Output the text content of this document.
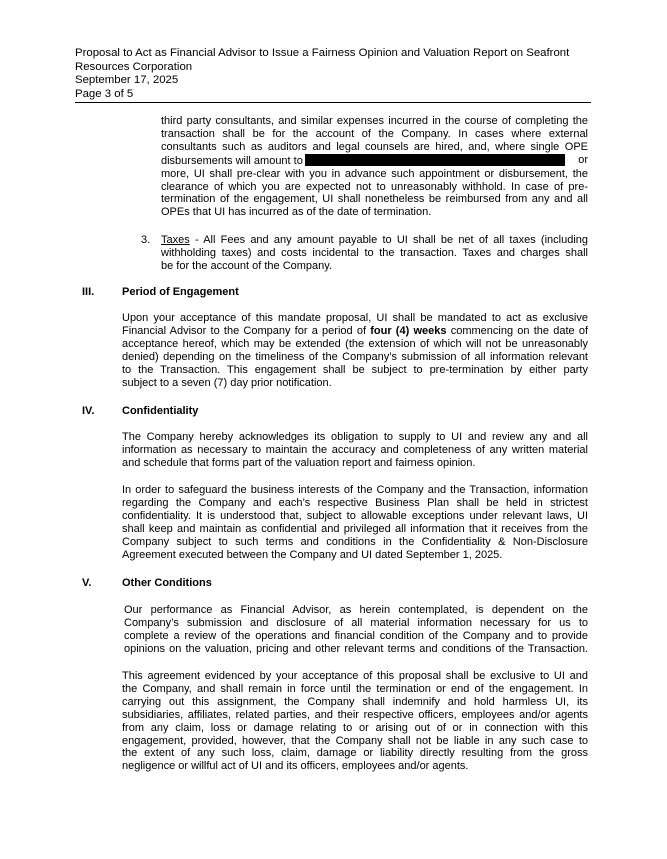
Proposal to Act as Financial Advisor to Issue a Fairness Opinion and Valuation Report on Seafront
Resources Corporation
September 17, 2025
Page 3 of 5
third party consultants, and similar expenses incurred in the course of completing the
transaction shall be for the account of the Company. In cases where external
consultants such as auditors and legal counsels are hired, and, where single OPE
disbursements will amount to	or
more, UI shall pre-clear with you in advance such appointment or disbursement, the
clearance of which you are expected not to unreasonably withhold. In case of pre-
termination of the engagement, UI shall nonetheless be reimbursed from any and all
OPEs that UI has incurred as of the date of termination.
3. Taxes - All Fees and any amount payable to UI shall be net of all taxes (including
withholding taxes) and costs incidental to the transaction. Taxes and charges shall
be for the account of the Company.
III.	Period of Engagement
Upon your acceptance of this mandate proposal, UI shall be mandated to act as exclusive
Financial Advisor to the Company for a period of four (4) weeks commencing on the date of
acceptance hereof, which may be extended (the extension of which will not be unreasonably
denied) depending on the timeliness of the Company’s submission of all information relevant
to the Transaction. This engagement shall be subject to pre-termination by either party
subject to a seven (7) day prior notification.
IV.	Confidentiality
The Company hereby acknowledges its obligation to supply to UI and review any and all
information as necessary to maintain the accuracy and completeness of any written material
and schedule that forms part of the valuation report and fairness opinion.
In order to safeguard the business interests of the Company and the Transaction, information
regarding the Company and each’s respective Business Plan shall be held in strictest
confidentiality. It is understood that, subject to allowable exceptions under relevant laws, UI
shall keep and maintain as confidential and privileged all information that it receives from the
Company subject to such terms and conditions in the Confidentiality & Non-Disclosure
Agreement executed between the Company and UI dated September 1, 2025.
V.	Other Conditions
Our performance as Financial Advisor, as herein contemplated, is dependent on the
Company’s submission and disclosure of all material information necessary for us to
complete a review of the operations and financial condition of the Company and to provide
opinions on the valuation, pricing and other relevant terms and conditions of the Transaction.
This agreement evidenced by your acceptance of this proposal shall be exclusive to UI and
the Company, and shall remain in force until the termination or end of the engagement. In
carrying out this assignment, the Company shall indemnify and hold harmless UI, its
subsidiaries, affiliates, related parties, and their respective officers, employees and/or agents
from any claim, loss or damage relating to or arising out of or in connection with this
engagement, provided, however, that the Company shall not be liable in any such case to
the extent of any such loss, claim, damage or liability directly resulting from the gross
negligence or willful act of UI and its officers, employees and/or agents.
